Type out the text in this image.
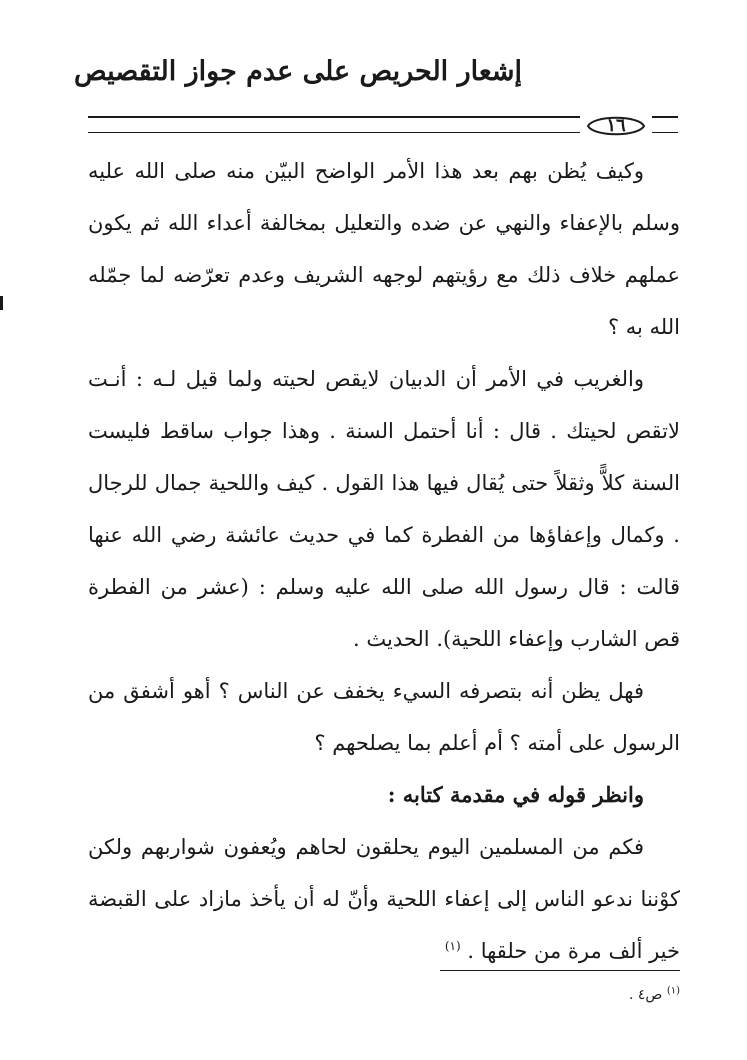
إشعار الحريص على عدم جواز التقصيص
١٦

وكيف يُظن بهم بعد هذا الأمر الواضح البيّن منه صلى الله عليه وسلم بالإعفاء والنهي عن ضده والتعليل بمخالفة أعداء الله ثم يكون عملهم خلاف ذلك مع رؤيتهم لوجهه الشريف وعدم تعرّضه لما جمّله الله به ؟

والغريب في الأمر أن الدبيان لايقص لحيته ولما قيل لـه : أنـت لاتقص لحيتك . قال : أنا أحتمل السنة . وهذا جواب ساقط فليست السنة كلاًّ وثقلاً حتى يُقال فيها هذا القول . كيف واللحية جمال للرجال . وكمال وإعفاؤها من الفطرة كما في حديث عائشة رضي الله عنها قالت : قال رسول الله صلى الله عليه وسلم : (عشر من الفطرة قص الشارب وإعفاء اللحية). الحديث .

فهل يظن أنه بتصرفه السيء يخفف عن الناس ؟ أهو أشفق من الرسول على أمته ؟ أم أعلم بما يصلحهم ؟

وانظر قوله في مقدمة كتابه :

فكم من المسلمين اليوم يحلقون لحاهم ويُعفون شواربهم ولكن كوْننا ندعو الناس إلى إعفاء اللحية وأنّ له أن يأخذ مازاد على القبضة خير ألف مرة من حلقها . $^{(١)}$

$^{(١)}$ ص٤ .
